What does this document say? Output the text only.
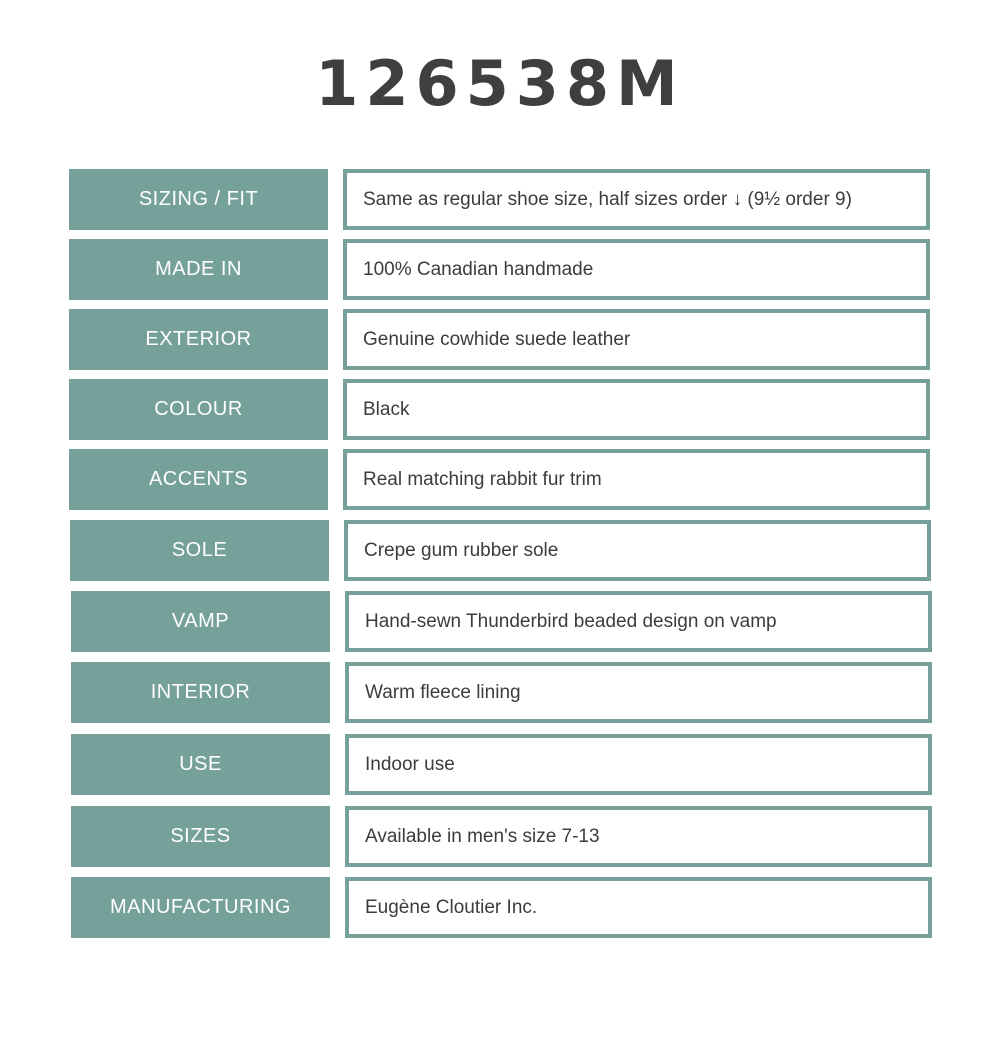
126538M
SIZING / FIT	Same as regular shoe size, half sizes order ↓ (9½ order 9)
MADE IN	100% Canadian handmade
EXTERIOR	Genuine cowhide suede leather
COLOUR	Black
ACCENTS	Real matching rabbit fur trim
SOLE	Crepe gum rubber sole
VAMP	Hand-sewn Thunderbird beaded design on vamp
INTERIOR	Warm fleece lining
USE	Indoor use
SIZES	Available in men's size 7-13
MANUFACTURING	Eugène Cloutier Inc.
